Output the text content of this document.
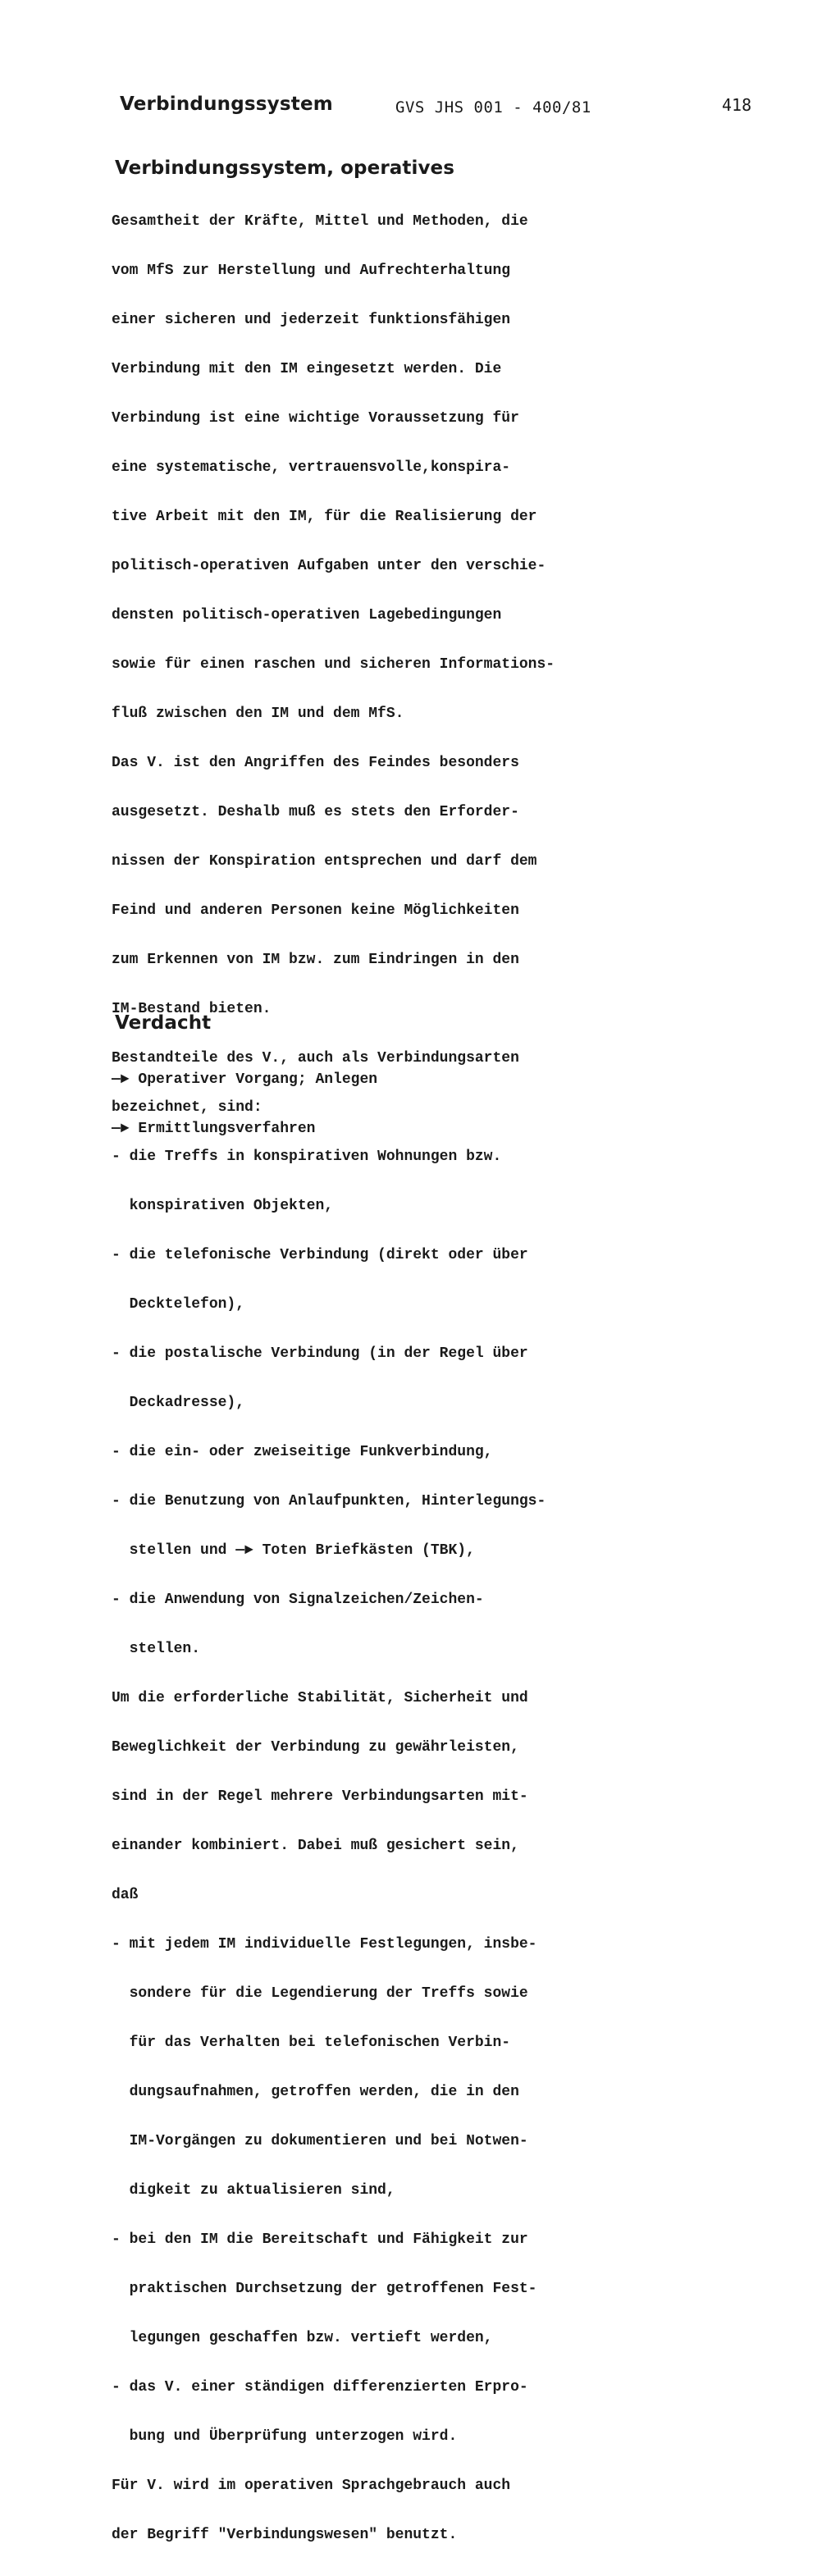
Verbindungssystem	GVS JHS 001 - 400/81	418
Verbindungssystem, operatives

Gesamtheit der Kräfte, Mittel und Methoden, die

vom MfS zur Herstellung und Aufrechterhaltung

einer sicheren und jederzeit funktionsfähigen

Verbindung mit den IM eingesetzt werden. Die

Verbindung ist eine wichtige Voraussetzung für

eine systematische, vertrauensvolle,konspira-

tive Arbeit mit den IM, für die Realisierung der

politisch-operativen Aufgaben unter den verschie-

densten politisch-operativen Lagebedingungen

sowie für einen raschen und sicheren Informations-

fluß zwischen den IM und dem MfS.

Das V. ist den Angriffen des Feindes besonders

ausgesetzt. Deshalb muß es stets den Erforder-

nissen der Konspiration entsprechen und darf dem

Feind und anderen Personen keine Möglichkeiten

zum Erkennen von IM bzw. zum Eindringen in den

IM-Bestand bieten.

Bestandteile des V., auch als Verbindungsarten

bezeichnet, sind:

- die Treffs in konspirativen Wohnungen bzw.

konspirativen Objekten,

- die telefonische Verbindung (direkt oder über

Decktelefon),

- die postalische Verbindung (in der Regel über

Deckadresse),

- die ein- oder zweiseitige Funkverbindung,

- die Benutzung von Anlaufpunkten, Hinterlegungs-

stellen und ―► Toten Briefkästen (TBK),

- die Anwendung von Signalzeichen/Zeichen-

stellen.

Um die erforderliche Stabilität, Sicherheit und

Beweglichkeit der Verbindung zu gewährleisten,

sind in der Regel mehrere Verbindungsarten mit-

einander kombiniert. Dabei muß gesichert sein,

daß

- mit jedem IM individuelle Festlegungen, insbe-

sondere für die Legendierung der Treffs sowie

für das Verhalten bei telefonischen Verbin-

dungsaufnahmen, getroffen werden, die in den

IM-Vorgängen zu dokumentieren und bei Notwen-

digkeit zu aktualisieren sind,

- bei den IM die Bereitschaft und Fähigkeit zur

praktischen Durchsetzung der getroffenen Fest-

legungen geschaffen bzw. vertieft werden,

- das V. einer ständigen differenzierten Erpro-

bung und Überprüfung unterzogen wird.

Für V. wird im operativen Sprachgebrauch auch

der Begriff "Verbindungswesen" benutzt.

Verdacht

―► Operativer Vorgang; Anlegen

―► Ermittlungsverfahren
